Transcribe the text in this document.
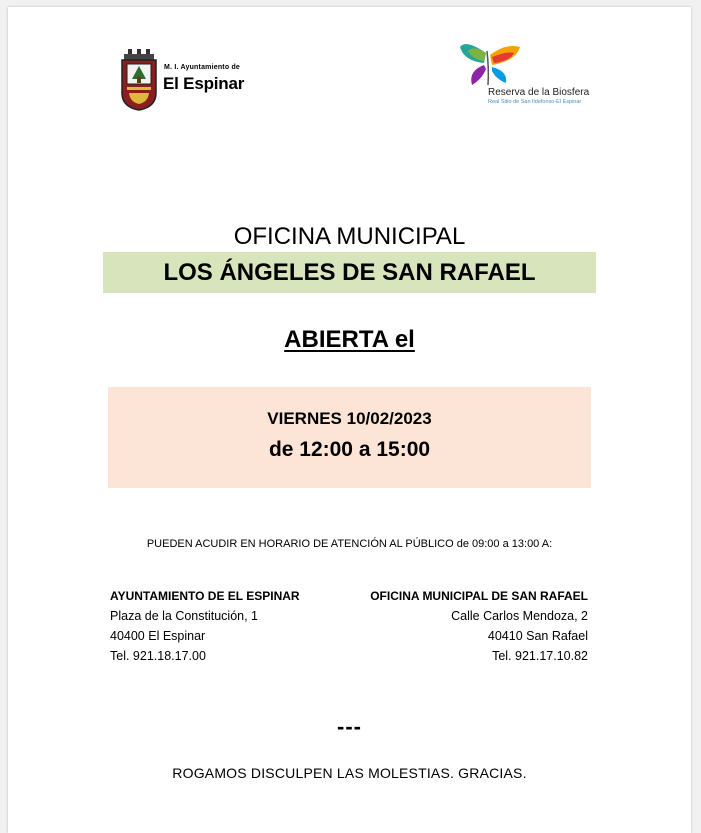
M. I. Ayuntamiento de
El Espinar	Reserva de la Biosfera
Real Sitio de San Ildefonso-El Espinar
OFICINA MUNICIPAL
LOS ÁNGELES DE SAN RAFAEL
ABIERTA el
VIERNES 10/02/2023
de 12:00 a 15:00
PUEDEN ACUDIR EN HORARIO DE ATENCIÓN AL PÚBLICO de 09:00 a 13:00 A:
AYUNTAMIENTO DE EL ESPINAR
Plaza de la Constitución, 1
40400 El Espinar
Tel. 921.18.17.00
OFICINA MUNICIPAL DE SAN RAFAEL
Calle Carlos Mendoza, 2
40410 San Rafael
Tel. 921.17.10.82
---
ROGAMOS DISCULPEN LAS MOLESTIAS. GRACIAS.
